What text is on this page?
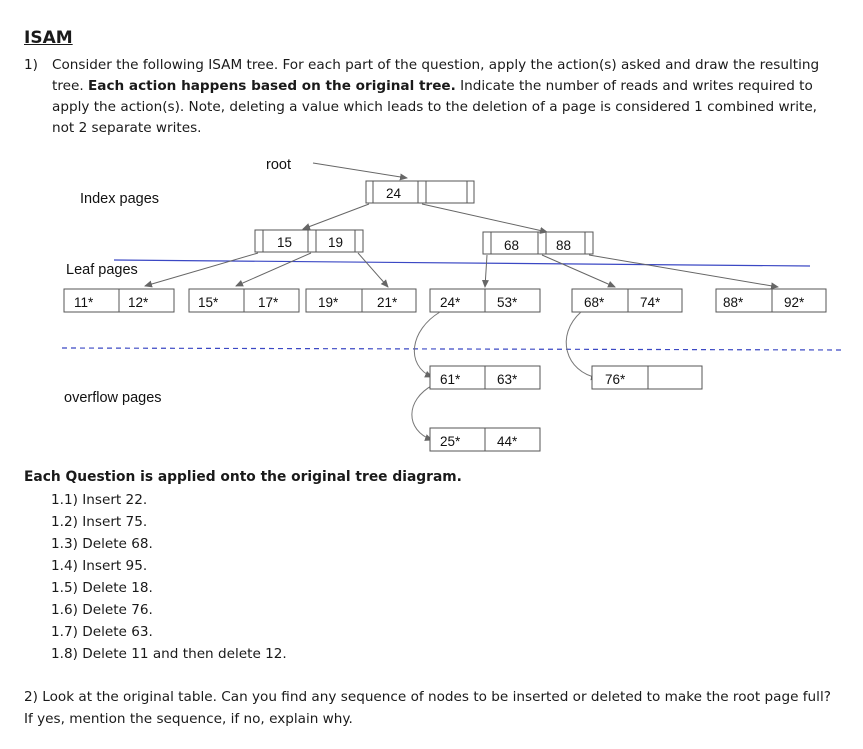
ISAM
1) Consider the following ISAM tree. For each part of the question, apply the action(s) asked and draw the resulting tree. Each action happens based on the original tree. Indicate the number of reads and writes required to apply the action(s). Note, deleting a value which leads to the deletion of a page is considered 1 combined write, not 2 separate writes.
root
Index pages
Leaf pages
overflow pages
24
15	19	68	88
11*	12*	15*	17*	19*	21*	24*	53*	68*	74*	88*	92*
61*	63*
25*	44*
76*
Each Question is applied onto the original tree diagram.
1.1) Insert 22.
1.2) Insert 75.
1.3) Delete 68.
1.4) Insert 95.
1.5) Delete 18.
1.6) Delete 76.
1.7) Delete 63.
1.8) Delete 11 and then delete 12.
2) Look at the original table. Can you find any sequence of nodes to be inserted or deleted to make the root page full? If yes, mention the sequence, if no, explain why.
